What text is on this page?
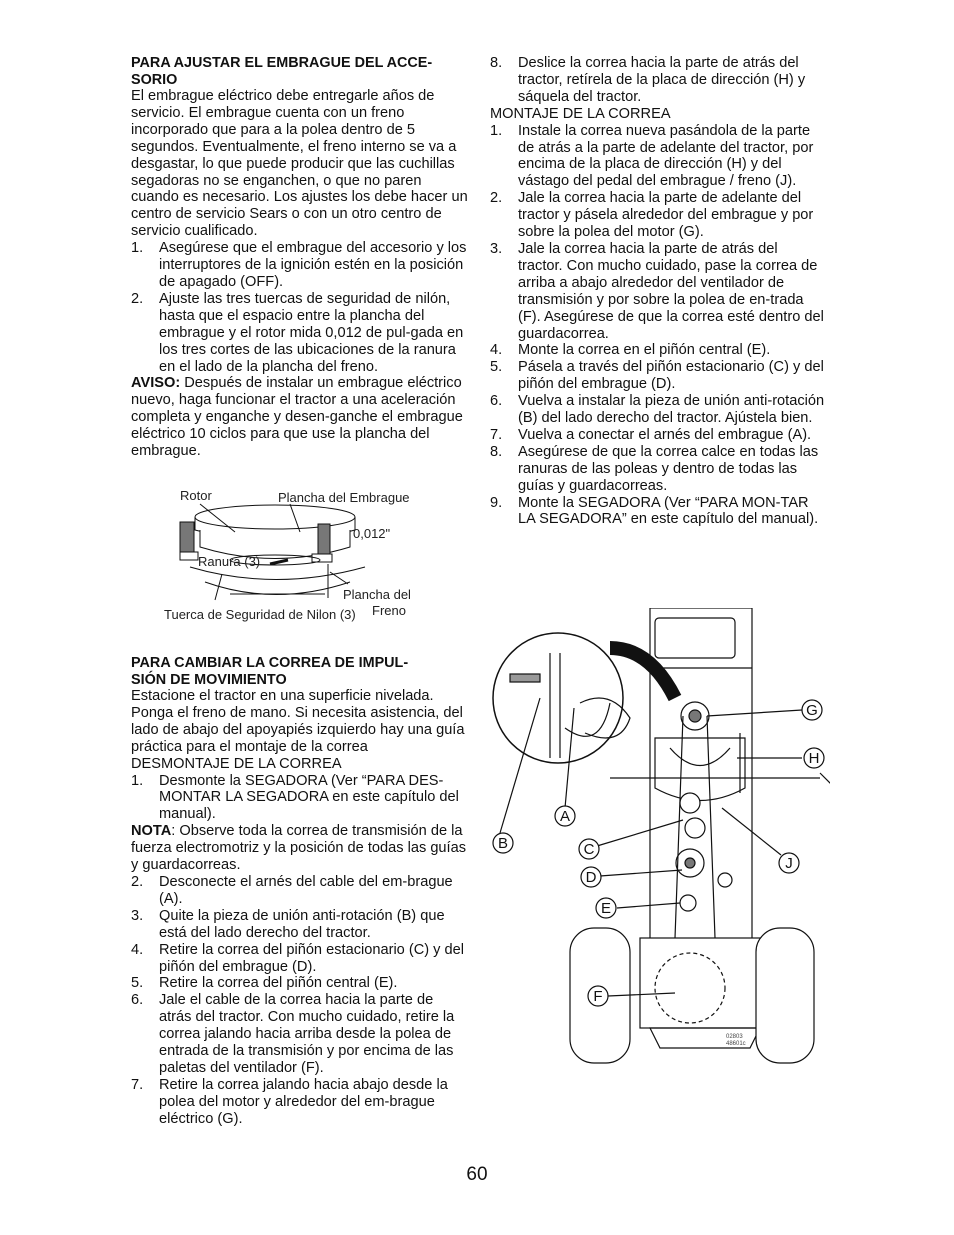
PARA AJUSTAR EL EMBRAGUE DEL ACCE-
SORIO

El embrague eléctrico debe entregarle años de servicio. El embrague cuenta con un freno incorporado que para a la polea dentro de 5 segundos. Eventualmente, el freno interno se va a desgastar, lo que puede producir que las cuchillas segadoras no se enganchen, o que no paren cuando es necesario. Los ajustes los debe hacer un centro de servicio Sears o con un otro centro de servicio cualificado.

1.	Asegúrese que el embrague del accesorio y los interruptores de la ignición estén en la posición de apagado (OFF).
2.	Ajuste las tres tuercas de seguridad de nilón, hasta que el espacio entre la plancha del embrague y el rotor mida 0,012 de pul-gada en los tres cortes de las ubicaciones de la ranura en el lado de la plancha del freno.

AVISO: Después de instalar un embrague eléctrico nuevo, haga funcionar el tractor a una aceleración completa y enganche y desen-ganche el embrague eléctrico 10 ciclos para que use la plancha del embrague.

Rotor	Plancha del Embrague
0,012"
Ranura (3)
Plancha del
Freno
Tuerca de Seguridad de Nilon (3)

PARA CAMBIAR LA CORREA DE IMPUL-
SIÓN DE MOVIMIENTO

Estacione el tractor en una superficie nivelada. Ponga el freno de mano. Si necesita asistencia, del lado de abajo del apoyapiés izquierdo hay una guía práctica para el montaje de la correa

DESMONTAJE DE LA CORREA

1.	Desmonte la SEGADORA (Ver “PARA DES-MONTAR LA SEGADORA en este capítulo del manual).

NOTA: Observe toda la correa de transmisión de la fuerza electromotriz y la posición de todas las guías y guardacorreas.

2.	Desconecte el arnés del cable del em-brague (A).
3.	Quite la pieza de unión anti-rotación (B) que está del lado derecho del tractor.
4.	Retire la correa del piñón estacionario (C) y del piñón del embrague (D).
5.	Retire la correa del piñón central (E).
6.	Jale el cable de la correa hacia la parte de atrás del tractor. Con mucho cuidado, retire la correa jalando hacia arriba desde la polea de entrada de la transmisión y por encima de las paletas del ventilador (F).
7.	Retire la correa jalando hacia abajo desde la polea del motor y alrededor del em-brague eléctrico (G).
8.	Deslice la correa hacia la parte de atrás del tractor, retírela de la placa de dirección (H) y sáquela del tractor.

MONTAJE DE LA CORREA

1.	Instale la correa nueva pasándola de la parte de atrás a la parte de adelante del tractor, por encima de la placa de dirección (H) y del vástago del pedal del embrague / freno (J).
2.	Jale la correa hacia la parte de adelante del tractor y pásela alrededor del embrague y por sobre la polea del motor (G).
3.	Jale la correa hacia la parte de atrás del tractor. Con mucho cuidado, pase la correa de arriba a abajo alrededor del ventilador de transmisión y por sobre la polea de en-trada (F). Asegúrese de que la correa esté dentro del guardacorrea.
4.	Monte la correa en el piñón central (E).
5.	Pásela a través del piñón estacionario (C) y del piñón del embrague (D).
6.	Vuelva a instalar la pieza de unión anti-rotación (B) del lado derecho del tractor. Ajústela bien.
7.	Vuelva a conectar el arnés del embrague (A).
8.	Asegúrese de que la correa calce en todas las ranuras de las poleas y dentro de todas las guías y guardacorreas.
9.	Monte la SEGADORA (Ver “PARA MON-TAR LA SEGADORA” en este capítulo del manual).
G
H
B
A
C
J
D
E
F
02803
48601c
60
